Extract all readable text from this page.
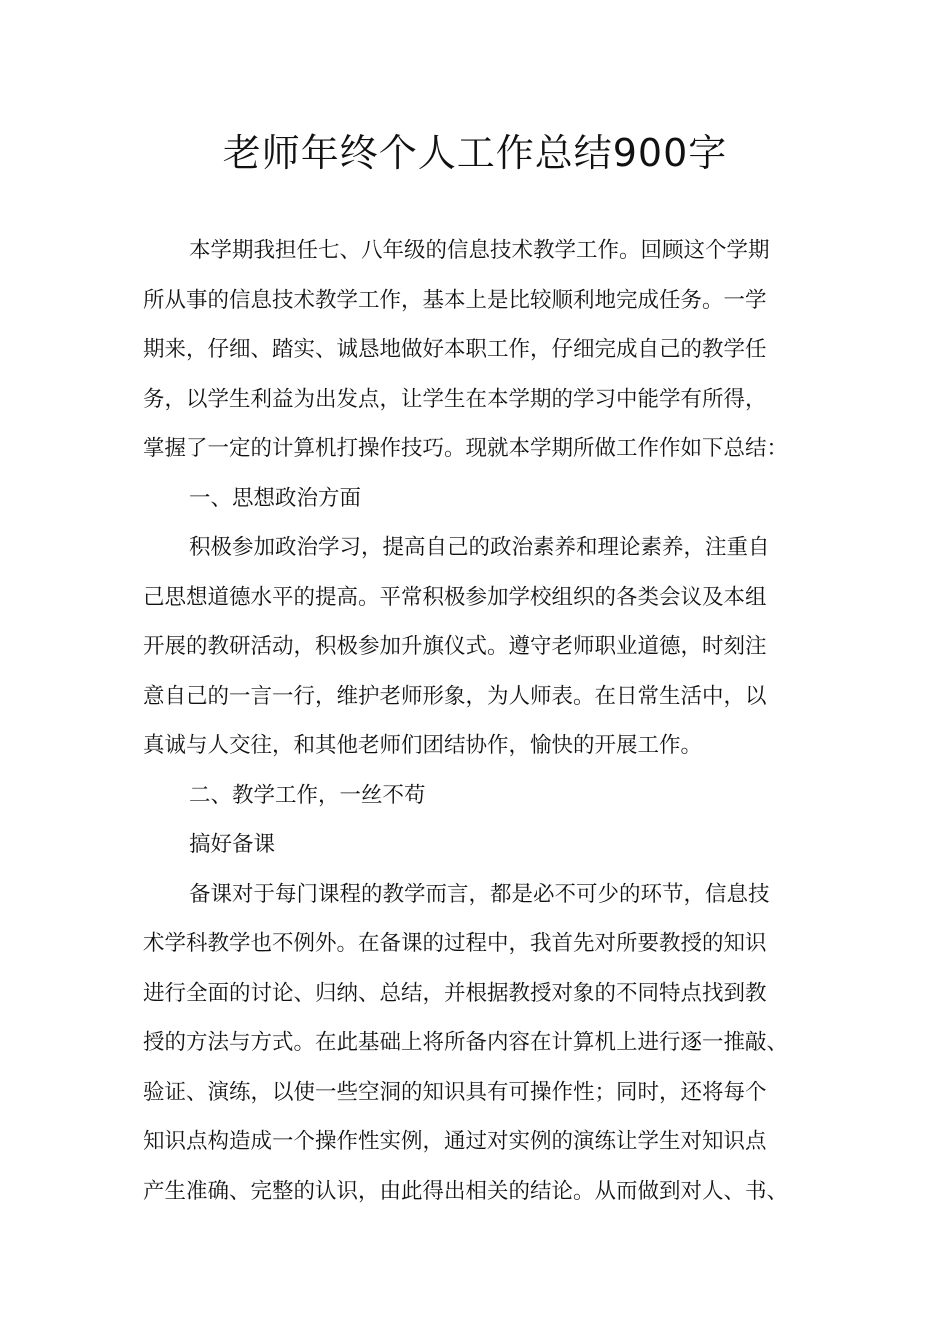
老师年终个人工作总结900字
本学期我担任七、八年级的信息技术教学工作。回顾这个学期
所从事的信息技术教学工作，基本上是比较顺利地完成任务。一学
期来，仔细、踏实、诚恳地做好本职工作，仔细完成自己的教学任
务，以学生利益为出发点，让学生在本学期的学习中能学有所得，
掌握了一定的计算机打操作技巧。现就本学期所做工作作如下总结：
一、思想政治方面
积极参加政治学习，提高自己的政治素养和理论素养，注重自
己思想道德水平的提高。平常积极参加学校组织的各类会议及本组
开展的教研活动，积极参加升旗仪式。遵守老师职业道德，时刻注
意自己的一言一行，维护老师形象，为人师表。在日常生活中，以
真诚与人交往，和其他老师们团结协作，愉快的开展工作。
二、教学工作，一丝不苟
搞好备课
备课对于每门课程的教学而言，都是必不可少的环节，信息技
术学科教学也不例外。在备课的过程中，我首先对所要教授的知识
进行全面的讨论、归纳、总结，并根据教授对象的不同特点找到教
授的方法与方式。在此基础上将所备内容在计算机上进行逐一推敲、
验证、演练，以使一些空洞的知识具有可操作性；同时，还将每个
知识点构造成一个操作性实例，通过对实例的演练让学生对知识点
产生准确、完整的认识，由此得出相关的结论。从而做到对人、书、
